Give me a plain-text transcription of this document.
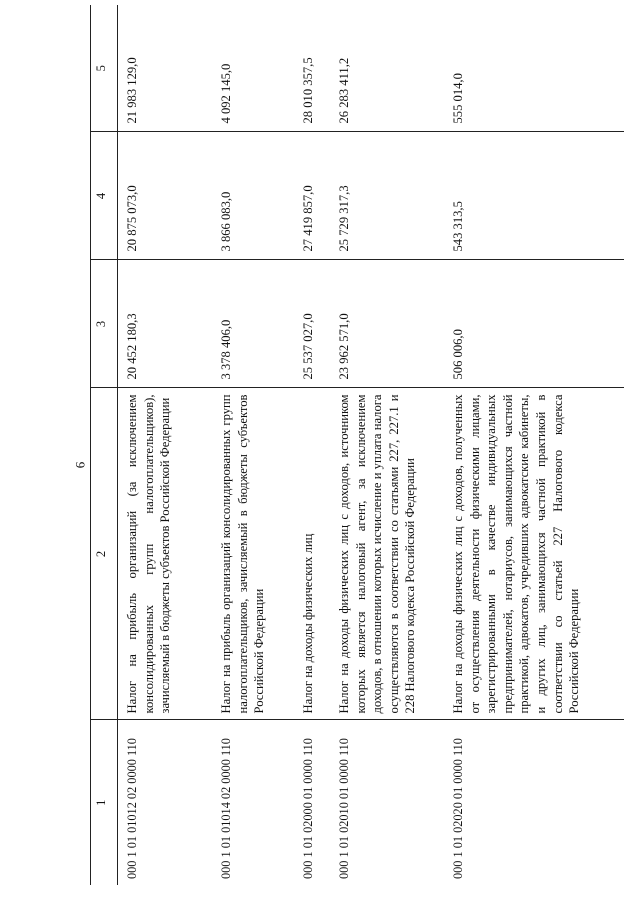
9
1	2	3	4	5
000 1 01 01012 02 0000 110	Налог на прибыль организаций (за исключением консолидированных групп налогоплательщиков), зачисляемый в бюджеты субъектов Российской Федерации	20 452 180,3	20 875 073,0	21 983 129,0
000 1 01 01014 02 0000 110	Налог на прибыль организаций консолидированных групп налогоплательщиков, зачисляемый в бюджеты субъектов Российской Федерации	3 378 406,0	3 866 083,0	4 092 145,0
000 1 01 02000 01 0000 110	Налог на доходы физических лиц	25 537 027,0	27 419 857,0	28 010 357,5
000 1 01 02010 01 0000 110	Налог на доходы физических лиц с доходов, источником которых является налоговый агент, за исключением доходов, в отношении которых исчисление и уплата налога осуществляются в соответствии со статьями 227, 227.1 и 228 Налогового кодекса Российской Федерации	23 962 571,0	25 729 317,3	26 283 411,2
000 1 01 02020 01 0000 110	Налог на доходы физических лиц с доходов, полученных от осуществления деятельности физическими лицами, зарегистрированными в качестве индивидуальных предпринимателей, нотариусов, занимающихся частной практикой, адвокатов, учредивших адвокатские кабинеты, и других лиц, занимающихся частной практикой в соответствии со статьей 227 Налогового кодекса Российской Федерации	506 006,0	543 313,5	555 014,0
